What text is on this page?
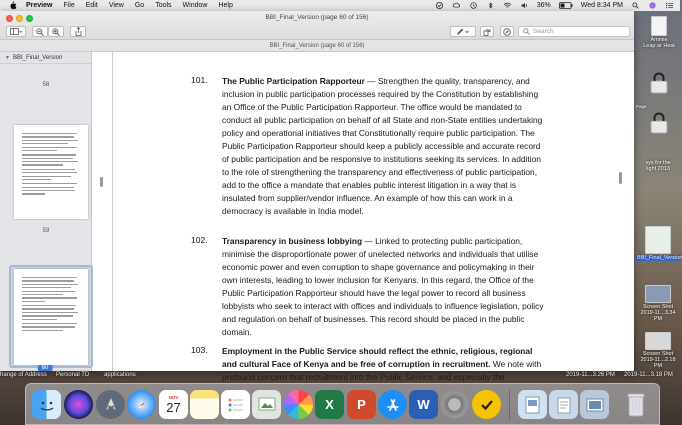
Preview File Edit View Go Tools Window Help	36%	Wed 8:34 PM
Ammie
Leap.ar Heal
sys for the
light 2013
BBI_Final_Version
Screen Shot 2019-11...3.34 PM
Screen Shot 2019-11...2.18 PM
BBI_Final_Version (page 60 of 156)
Search
BBI_Final_Version (page 60 of 156)
▼ BBI_Final_Version
58
59
60
101. The Public Participation Rapporteur — Strengthen the quality, transparency, and inclusion in public participation processes required by the Constitution by establishing an Office of the Public Participation Rapporteur. The office would be mandated to conduct all public participation on behalf of all State and non-State entities undertaking policy and operational initiatives that Constitutionally require public participation. The Public Participation Rapporteur should keep a publicly accessible and accurate record of public participation and be responsive to institutions seeking its services. In addition to the role of strengthening the transparency and effectiveness of public participation, add to the office a mandate that enables public interest litigation in a way that is insulated from supplier/vendor influence. An example of how this can work in a democracy is available in India model.
102. Transparency in business lobbying — Linked to protecting public participation, minimise the disproportionate power of unelected networks and individuals that utilise economic power and even corruption to shape governance and policymaking in their own interests, leading to lower inclusion for Kenyans. In this regard, the Office of the Public Participation Rapporteur should have the legal power to record all business lobbyists who seek to interact with offices and individuals to influence legislation, policy and regulation on behalf of businesses. This record should be placed in the public domain.
103. Employment in the Public Service should reflect the ethnic, religious, regional and cultural Face of Kenya and be free of corruption in recruitment. We note with profound concern that recruitment into the Public Service, and especially the
hange of Address Personal TD applications	2019-11...3.26 PM 2019-11...3.18 PM
Page
NOV
27	X	P	W
